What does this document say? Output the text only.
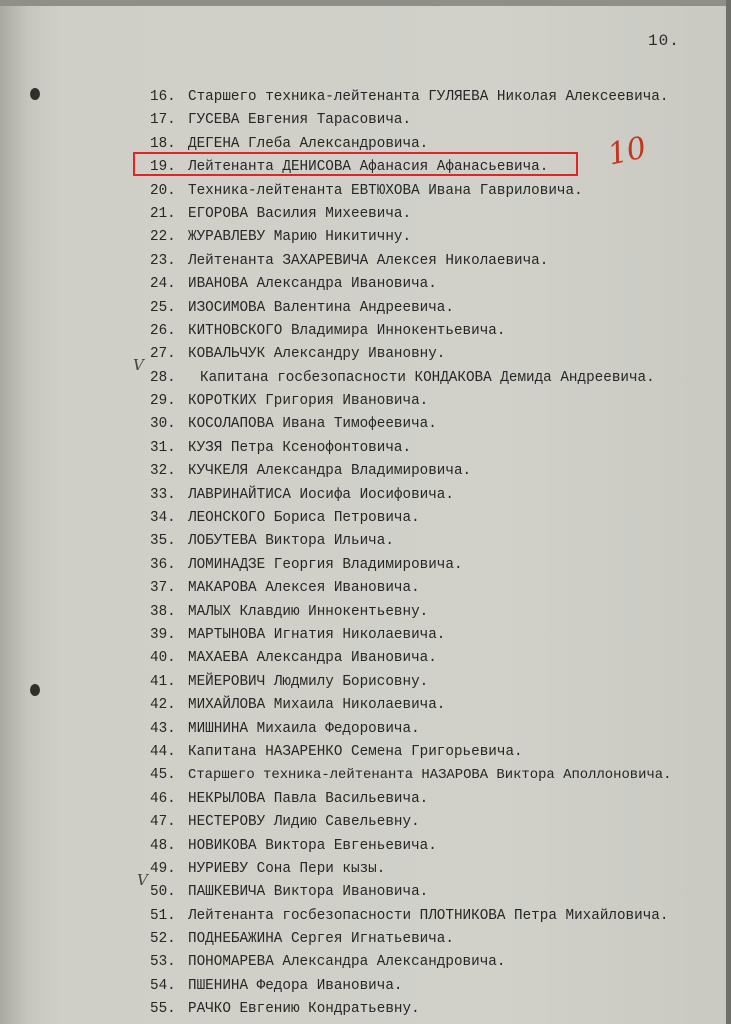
10.
16. Старшего техника-лейтенанта ГУЛЯЕВА Николая Алексеевича.
17. ГУСЕВА Евгения Тарасовича.
18. ДЕГЕНА Глеба Александровича.
19. Лейтенанта ДЕНИСОВА Афанасия Афанасьевича.
20. Техника-лейтенанта ЕВТЮХОВА Ивана Гавриловича.
21. ЕГОРОВА Василия Михеевича.
22. ЖУРАВЛЕВУ Марию Никитичну.
23. Лейтенанта ЗАХАРЕВИЧА Алексея Николаевича.
24. ИВАНОВА Александра Ивановича.
25. ИЗОСИМОВА Валентина Андреевича.
26. КИТНОВСКОГО Владимира Иннокентьевича.
27. КОВАЛЬЧУК Александру Ивановну.
28. Капитана госбезопасности КОНДАКОВА Демида Андреевича.
29. КОРОТКИХ Григория Ивановича.
30. КОСОЛАПОВА Ивана Тимофеевича.
31. КУЗЯ Петра Ксенофонтовича.
32. КУЧКЕЛЯ Александра Владимировича.
33. ЛАВРИНАЙТИСА Иосифа Иосифовича.
34. ЛЕОНСКОГО Бориса Петровича.
35. ЛОБУТЕВА Виктора Ильича.
36. ЛОМИНАДЗЕ Георгия Владимировича.
37. МАКАРОВА Алексея Ивановича.
38. МАЛЫХ Клавдию Иннокентьевну.
39. МАРТЫНОВА Игнатия Николаевича.
40. МАХАЕВА Александра Ивановича.
41. МЕЙЕРОВИЧ Людмилу Борисовну.
42. МИХАЙЛОВА Михаила Николаевича.
43. МИШНИНА Михаила Федоровича.
44. Капитана НАЗАРЕНКО Семена Григорьевича.
45. Старшего техника-лейтенанта НАЗАРОВА Виктора Аполлоновича.
46. НЕКРЫЛОВА Павла Васильевича.
47. НЕСТЕРОВУ Лидию Савельевну.
48. НОВИКОВА Виктора Евгеньевича.
49. НУРИЕВУ Сона Пери кызы.
50. ПАШКЕВИЧА Виктора Ивановича.
51. Лейтенанта госбезопасности ПЛОТНИКОВА Петра Михайловича.
52. ПОДНЕБАЖИНА Сергея Игнатьевича.
53. ПОНОМАРЕВА Александра Александровича.
54. ПШЕНИНА Федора Ивановича.
55. РАЧКО Евгению Кондратьевну.
10
V
V
